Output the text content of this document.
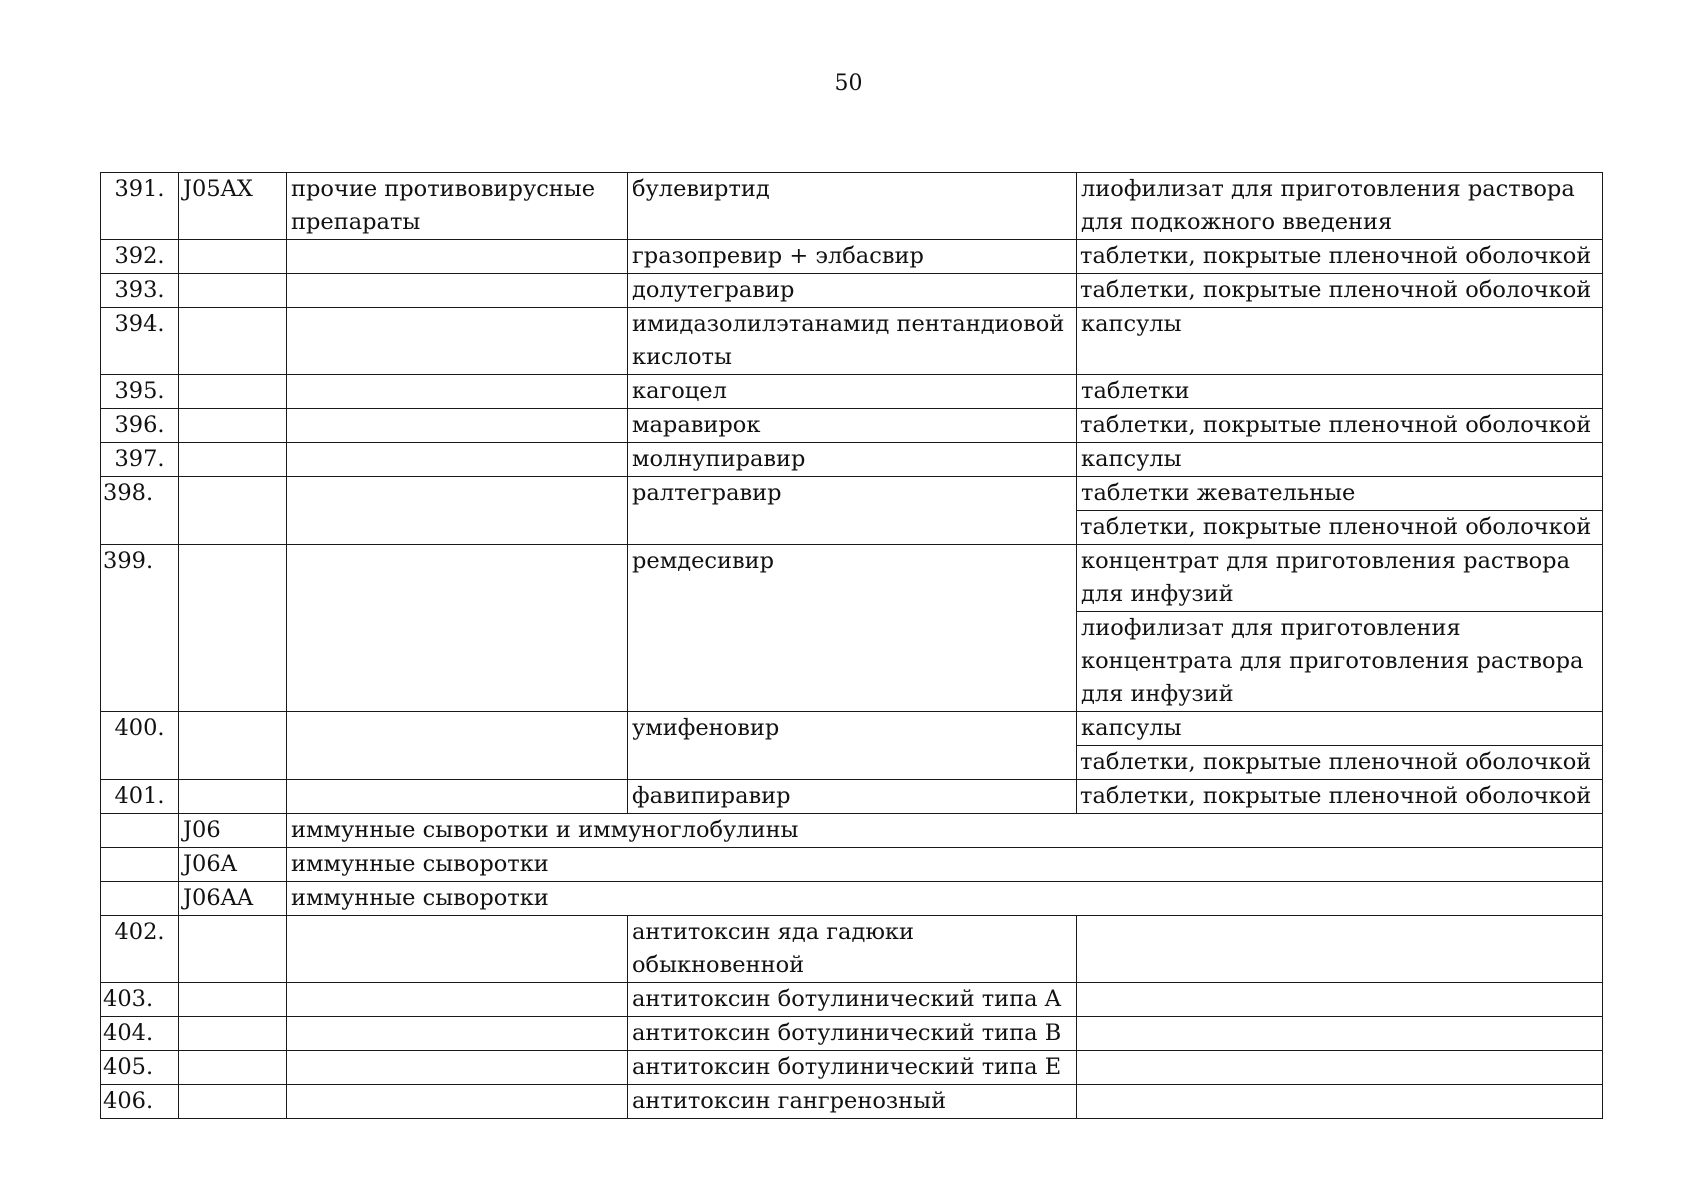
50
391.	J05AX	прочие противовирусные препараты	булевиртид	лиофилизат для приготовления раствора для подкожного введения
392.			гразопревир + элбасвир	таблетки, покрытые пленочной оболочкой
393.			долутегравир	таблетки, покрытые пленочной оболочкой
394.			имидазолилэтанамид пентандиовой кислоты	капсулы
395.			кагоцел	таблетки
396.			маравирок	таблетки, покрытые пленочной оболочкой
397.			молнупиравир	капсулы
398.			ралтегравир	таблетки жевательные
				таблетки, покрытые пленочной оболочкой
399.			ремдесивир	концентрат для приготовления раствора для инфузий
				лиофилизат для приготовления концентрата для приготовления раствора для инфузий
400.			умифеновир	капсулы
				таблетки, покрытые пленочной оболочкой
401.			фавипиравир	таблетки, покрытые пленочной оболочкой
	J06	иммунные сыворотки и иммуноглобулины		
	J06A	иммунные сыворотки		
	J06AA	иммунные сыворотки		
402.			антитоксин яда гадюки обыкновенной	
403.			антитоксин ботулинический типа A	
404.			антитоксин ботулинический типа B	
405.			антитоксин ботулинический типа E	
406.			антитоксин гангренозный	
